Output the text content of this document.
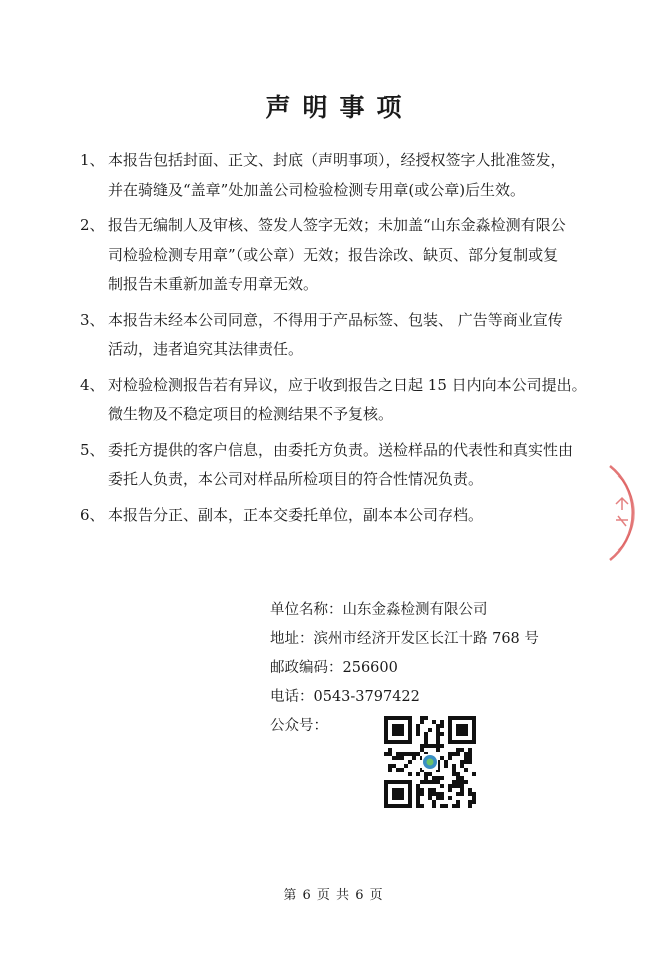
声明事项
1、 本报告包括封面、正文、封底（声明事项），经授权签字人批准签发，
并在骑缝及“盖章”处加盖公司检验检测专用章(或公章)后生效。
2、 报告无编制人及审核、签发人签字无效；未加盖“山东金淼检测有限公
司检验检测专用章”（或公章）无效；报告涂改、缺页、部分复制或复
制报告未重新加盖专用章无效。
3、 本报告未经本公司同意，不得用于产品标签、包装、 广告等商业宣传
活动，违者追究其法律责任。
4、 对检验检测报告若有异议，应于收到报告之日起 15 日内向本公司提出。
微生物及不稳定项目的检测结果不予复核。
5、 委托方提供的客户信息，由委托方负责。送检样品的代表性和真实性由
委托人负责，本公司对样品所检项目的符合性情况负责。
6、 本报告分正、副本，正本交委托单位，副本本公司存档。
单位名称：山东金淼检测有限公司
地址：滨州市经济开发区长江十路 768 号
邮政编码：256600
电话：0543-3797422
公众号：
第 6 页 共 6 页
